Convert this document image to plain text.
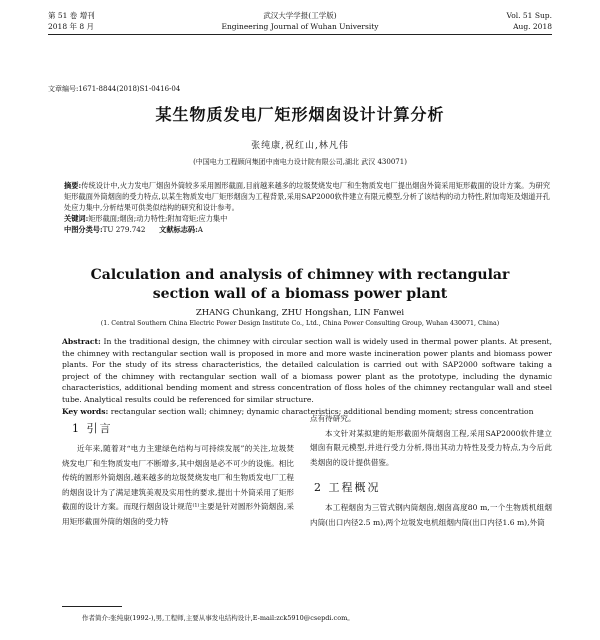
第 51 卷 增刊
2018 年 8 月
武汉大学学报(工学版)
Engineering Journal of Wuhan University
Vol. 51 Sup.
Aug. 2018
文章编号:1671-8844(2018)S1-0416-04
某生物质发电厂矩形烟囱设计计算分析
张纯康,祝红山,林凡伟
(中国电力工程顾问集团中南电力设计院有限公司,湖北 武汉 430071)
摘要:传统设计中,火力发电厂烟囱外筒较多采用圆形截面,目前越来越多的垃圾焚烧发电厂和生物质发电厂提出烟囱外筒采用矩形截面的设计方案。为研究矩形截面外筒烟囱的受力特点,以某生物质发电厂矩形烟囱为工程背景,采用SAP2000软件建立有限元模型,分析了该结构的动力特性,附加弯矩及烟道开孔处应力集中,分析结果可供类似结构的研究和设计参考。
关键词:矩形截面;烟囱;动力特性;附加弯矩;应力集中
中图分类号:TU 279.742 文献标志码:A
Calculation and analysis of chimney with rectangular
section wall of a biomass power plant
ZHANG Chunkang, ZHU Hongshan, LIN Fanwei
(1. Central Southern China Electric Power Design Institute Co., Ltd., China Power Consulting Group, Wuhan 430071, China)
Abstract: In the traditional design, the chimney with circular section wall is widely used in thermal power plants. At present, the chimney with rectangular section wall is proposed in more and more waste incineration power plants and biomass power plants. For the study of its stress characteristics, the detailed calculation is carried out with SAP2000 software taking a project of the chimney with rectangular section wall of a biomass power plant as the prototype, including the dynamic characteristics, additional bending moment and stress concentration of floss holes of the chimney rectangular wall and steel tube. Analytical results could be referenced for similar structure.
Key words: rectangular section wall; chimney; dynamic characteristics; additional bending moment; stress concentration
1 引言
近年来,随着对“电力主建绿色结构与可持续发展”的关注,垃圾焚烧发电厂和生物质发电厂不断增多,其中烟囱是必不可少的设施。相比传统的圆形外筒烟囱,越来越多的垃圾焚烧发电厂和生物质发电厂工程的烟囱设计为了满足建筑美观及实用性的要求,提出十外筒采用了矩形截面的设计方案。而现行烟囱设计规范⁽¹⁾主要是针对圆形外筒烟囱,采用矩形截面外筒的烟囱的受力特
点有待研究。
本文针对某拟建的矩形截面外筒烟囱工程,采用SAP2000软件建立烟囱有限元模型,并进行受力分析,得出其动力特性及受力特点,为今后此类烟囱的设计提供借鉴。
2 工程概况
本工程烟囱为三管式钢内筒烟囱,烟囱高度80 m,一个生物质机组烟内筒(出口内径2.5 m),两个垃圾发电机组烟内筒(出口内径1.6 m),外筒
作者简介:张纯康(1992-),男,工程师,主要从事发电结构设计,E-mail:zck5910@csepdi.com。
